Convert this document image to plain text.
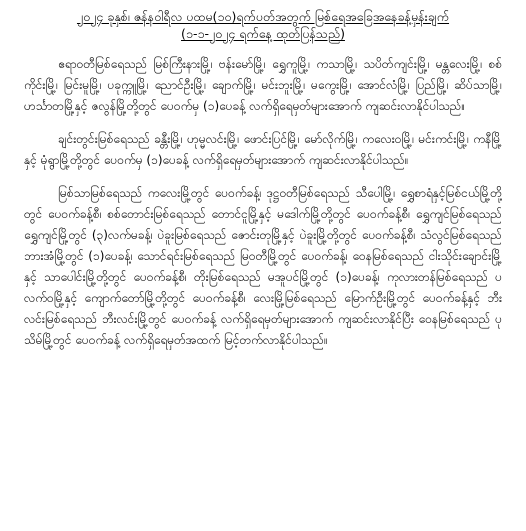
၂၀၂၄ ခုနှစ်၊ ဇန်နဝါရီလ ပထမ(၁၀)ရက်ပတ်အတွက် မြစ်ရေအခြေအနေခန့်မှန်းချက်

(၁-၁-၂၀၂၄ ရက်နေ့ ထုတ်ပြန်သည်)

ဧရာဝတီမြစ်ရေသည် မြစ်ကြီးနားမြို့၊ ဗန်းမော်မြို့၊ ရွှေကူမြို့၊ ကသာမြို့၊ သပိတ်ကျင်းမြို့၊ မန္တလေးမြို့၊ စစ်ကိုင်းမြို့၊ မြင်းမူမြို့၊ ပခုက္ကူမြို့၊ ညောင်ဦးမြို့၊ ချောက်မြို့၊ မင်းဘူးမြို့၊ မကွေးမြို့၊ အောင်လံမြို့၊ ပြည်မြို့၊ ဆိပ်သာမြို့၊ ဟင်္သာတမြို့နှင့် ဇလွန်မြို့တို့တွင် ပေ၀က်မှ (၁)ပေခန့် လက်ရှိရေမှတ်များအောက် ကျဆင်းလာနိုင်ပါသည်။

ချင်းတွင်းမြစ်ရေသည် ခန္တီးမြို့၊ ဟုမ္မလင်းမြို့၊ ဖောင်းပြင်မြို့၊ မော်လိုက်မြို့၊ ကလေးဝမြို့၊ မင်းကင်းမြို့၊ ကနီမြို့နှင့် မုံရွာမြို့တို့တွင် ပေ၀က်မှ (၁)ပေခန့် လက်ရှိရေမှတ်များအောက် ကျဆင်းလာနိုင်ပါသည်။

မြစ်သာမြစ်ရေသည် ကလေးမြို့တွင် ပေ၀က်ခန့်၊ ဒုဋ္ဌဝတီမြစ်ရေသည် သီပေါမြို့၊ ရွှေစာရံနှင့်မြစ်ငယ်မြို့တို့တွင် ပေ၀က်ခန့်စီ၊ စစ်တောင်းမြစ်ရေသည် တောင်ငူမြို့နှင့် မဒေါက်မြို့တို့တွင် ပေ၀က်ခန့်စီ၊ ရွှေကျင်မြစ်ရေသည် ရွှေကျင်မြို့တွင် (၃)လက်မခန့်၊ ပဲခူးမြစ်ရေသည် ဇောင်းတုမြို့နှင့် ပဲခူးမြို့တို့တွင် ပေ၀က်ခန့်စီ၊ သံလွင်မြစ်ရေသည် ဘားအံမြို့တွင် (၁)ပေခန့်၊ သောင်ရင်းမြစ်ရေသည် မြဝတီမြို့တွင် ပေ၀က်ခန့်၊ ဝေနမြစ်ရေသည် ငါးသိုင်းချောင်းမြို့နှင့် သာပေါင်းမြို့တို့တွင် ပေ၀က်ခန့်စီ၊ တိုးမြစ်ရေသည် မအူပင်မြို့တွင် (၁)ပေခန့်၊ ကုလားတန်မြစ်ရေသည် ပလက်ဝမြို့နှင့် ကျောက်တော်မြို့တို့တွင် ပေ၀က်ခန့်စီ၊ လေးမြို့မြစ်ရေသည် မြောက်ဦးမြို့တွင် ပေ၀က်ခန့်နှင့် ဘီးလင်းမြစ်ရေသည် ဘီးလင်းမြို့တွင် ပေ၀က်ခန့် လက်ရှိရေမှတ်များအောက် ကျဆင်းလာနိုင်ပြီး ဝေနမြစ်ရေသည် ပုသိမ်မြို့တွင် ပေ၀က်ခန့် လက်ရှိရေမှတ်အထက် မြင့်တက်လာနိုင်ပါသည်။
